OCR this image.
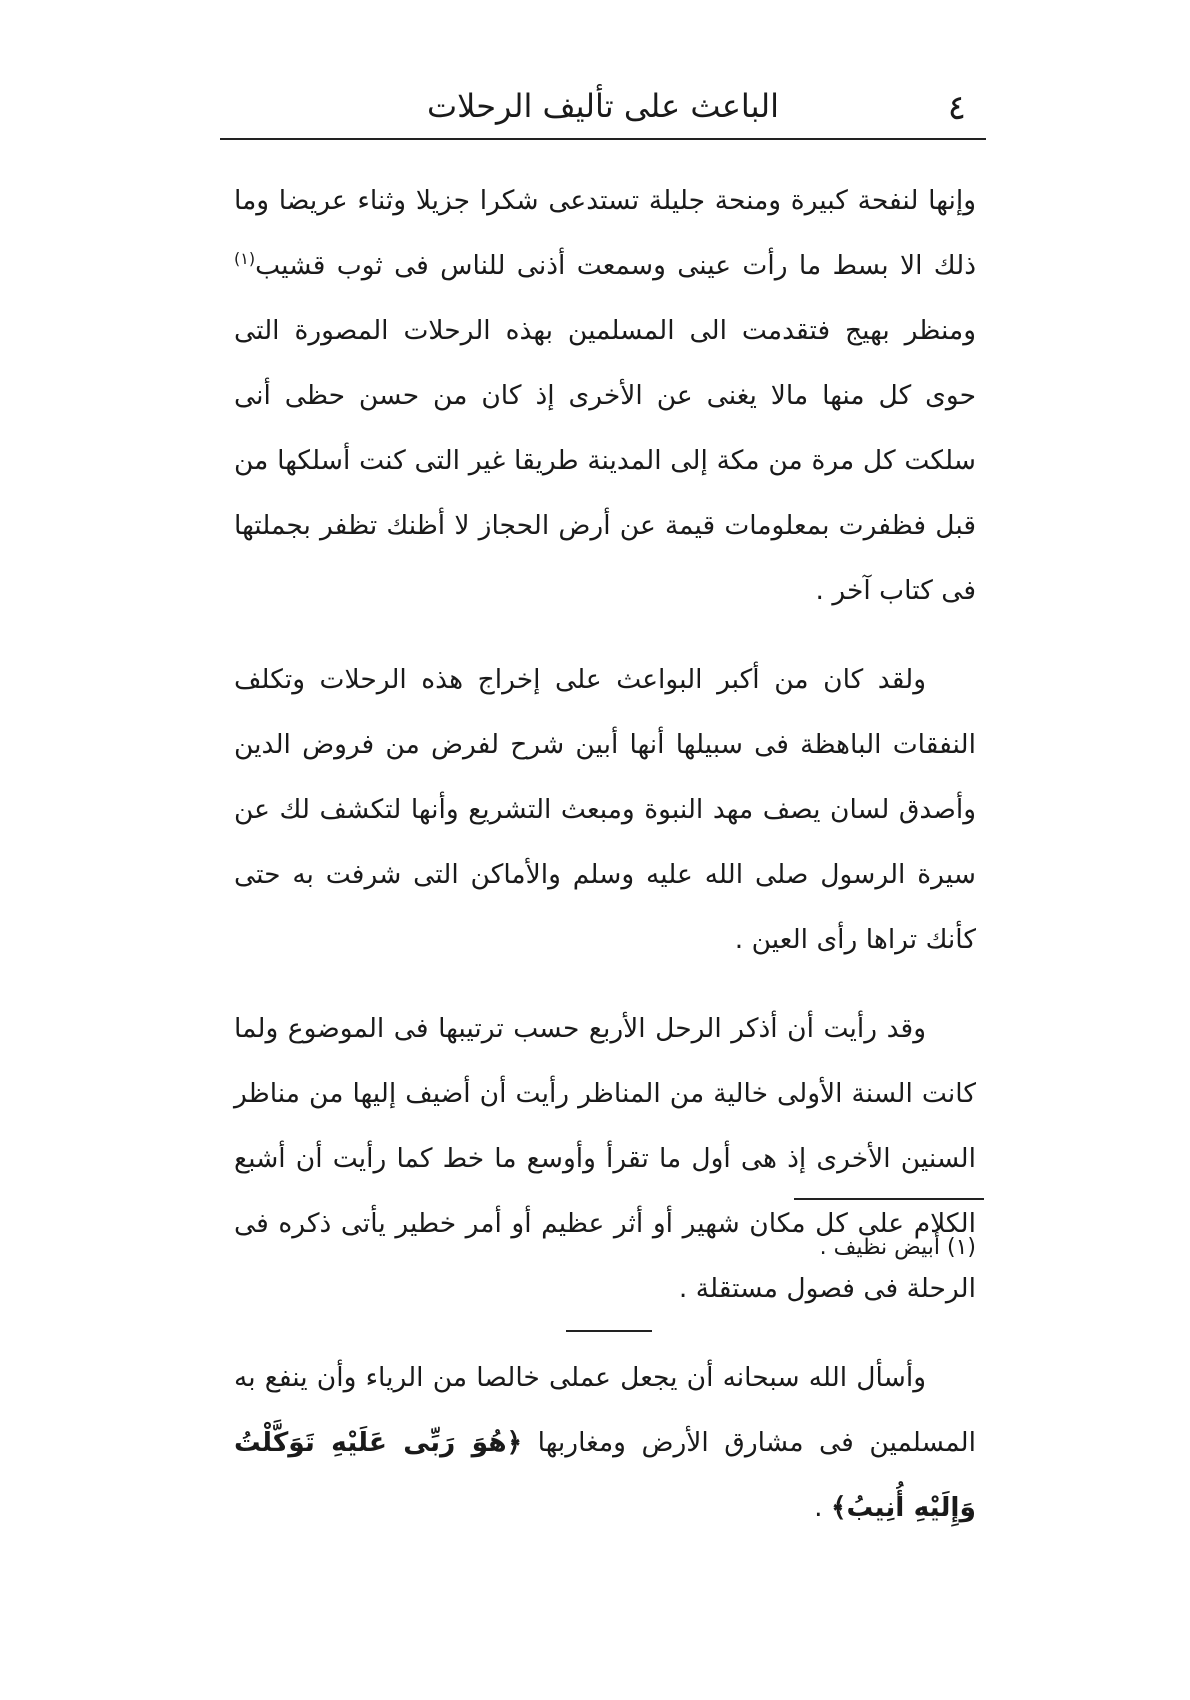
٤
الباعث على تأليف الرحلات

وإنها لنفحة كبيرة ومنحة جليلة تستدعى شكرا جزيلا وثناء عريضا وما ذلك الا بسط ما رأت عينى وسمعت أذنى للناس فى ثوب قشيب$^{(١)}$ ومنظر بهيج فتقدمت الى المسلمين بهذه الرحلات المصورة التى حوى كل منها مالا يغنى عن الأخرى إذ كان من حسن حظى أنى سلكت كل مرة من مكة إلى المدينة طريقا غير التى كنت أسلكها من قبل فظفرت بمعلومات قيمة عن أرض الحجاز لا أظنك تظفر بجملتها فى كتاب آخر .

ولقد كان من أكبر البواعث على إخراج هذه الرحلات وتكلف النفقات الباهظة فى سبيلها أنها أبين شرح لفرض من فروض الدين وأصدق لسان يصف مهد النبوة ومبعث التشريع وأنها لتكشف لك عن سيرة الرسول صلى الله عليه وسلم والأماكن التى شرفت به حتى كأنك تراها رأى العين .

وقد رأيت أن أذكر الرحل الأربع حسب ترتيبها فى الموضوع ولما كانت السنة الأولى خالية من المناظر رأيت أن أضيف إليها من مناظر السنين الأخرى إذ هى أول ما تقرأ وأوسع ما خط كما رأيت أن أشبع الكلام على كل مكان شهير أو أثر عظيم أو أمر خطير يأتى ذكره فى الرحلة فى فصول مستقلة .

وأسأل الله سبحانه أن يجعل عملى خالصا من الرياء وأن ينفع به المسلمين فى مشارق الأرض ومغاربها ﴿هُوَ رَبِّى عَلَيْهِ تَوَكَّلْتُ وَإِلَيْهِ أُنِيبُ﴾ .

(١) أبيض نظيف .
